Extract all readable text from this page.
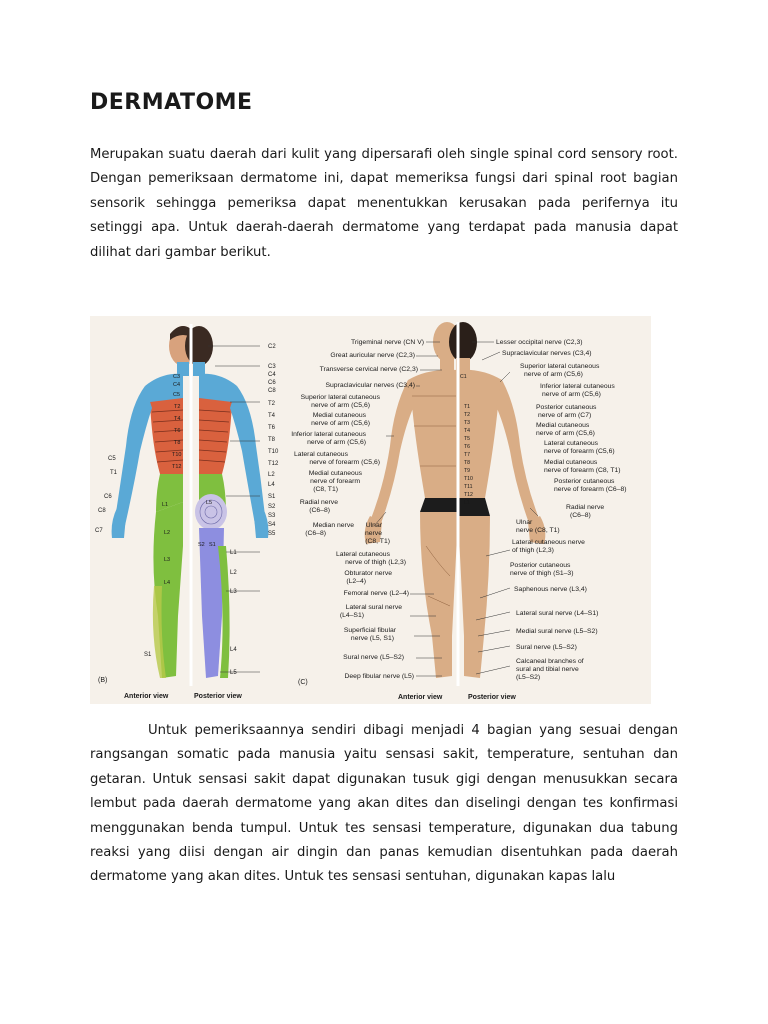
DERMATOME

Merupakan suatu daerah dari kulit yang dipersarafi oleh single spinal cord sensory root. Dengan pemeriksaan dermatome ini, dapat memeriksa fungsi dari spinal root bagian sensorik sehingga pemeriksa dapat menentukkan kerusakan pada perifernya itu setinggi apa. Untuk daerah-daerah dermatome yang terdapat pada manusia dapat dilihat dari gambar berikut.

C2
C3
C4
C6
C8
T2
T4
T6
T8
T10
T12
L2
L4
S1
S2
S3
S4
S5
L1
L2
L3
L4
L5
C5
T1
C6
C8
C7
S1
C3
C4
C5
T2
T4
T6
T8
T10
T12
L1
L2
L3
L4
L5
S2 S1
(B)
Anterior view	Posterior view
C1
T1
T2
T3
T4
T5
T6
T7
T8
T9
T10
T11
T12
L1
Trigeminal nerve (CN V)
Great auricular nerve (C2,3)
Transverse cervical nerve (C2,3)
Supraclavicular nerves (C3,4)
Superior lateral cutaneous
nerve of arm (C5,6)
Medial cutaneous
nerve of arm (C5,6)
Inferior lateral cutaneous
nerve of arm (C5,6)
Lateral cutaneous
nerve of forearm (C5,6)
Medial cutaneous
nerve of forearm
(C8, T1)
Radial nerve
(C6–8)
Median nerve
(C6–8)
Ulnar
nerve
(C8, T1)
Lateral cutaneous
nerve of thigh (L2,3)
Obturator nerve
(L2–4)
Femoral nerve (L2–4)
Lateral sural nerve
(L4–S1)
Superficial fibular
nerve (L5, S1)
Sural nerve (L5–S2)
Deep fibular nerve (L5)
Lesser occipital nerve (C2,3)
Supraclavicular nerves (C3,4)
Superior lateral cutaneous
nerve of arm (C5,6)
Inferior lateral cutaneous
nerve of arm (C5,6)
Posterior cutaneous
nerve of arm (C7)
Medial cutaneous
nerve of arm (C5,6)
Lateral cutaneous
nerve of forearm (C5,6)
Medial cutaneous
nerve of forearm (C8, T1)
Posterior cutaneous
nerve of forearm (C6–8)
Radial nerve
(C6–8)
Ulnar
nerve (C8, T1)
Lateral cutaneous nerve
of thigh (L2,3)
Posterior cutaneous
nerve of thigh (S1–3)
Saphenous nerve (L3,4)
Lateral sural nerve (L4–S1)
Medial sural nerve (L5–S2)
Sural nerve (L5–S2)
Calcaneal branches of
sural and tibial nerve
(L5–S2)
(C)
Anterior view	Posterior view

Untuk pemeriksaannya sendiri dibagi menjadi 4 bagian yang sesuai dengan rangsangan somatic pada manusia yaitu sensasi sakit, temperature, sentuhan dan getaran. Untuk sensasi sakit dapat digunakan tusuk gigi dengan menusukkan secara lembut pada daerah dermatome yang akan dites dan diselingi dengan tes konfirmasi menggunakan benda tumpul. Untuk tes sensasi temperature, digunakan dua tabung reaksi yang diisi dengan air dingin dan panas kemudian disentuhkan pada daerah dermatome yang akan dites. Untuk tes sensasi sentuhan, digunakan kapas lalu
